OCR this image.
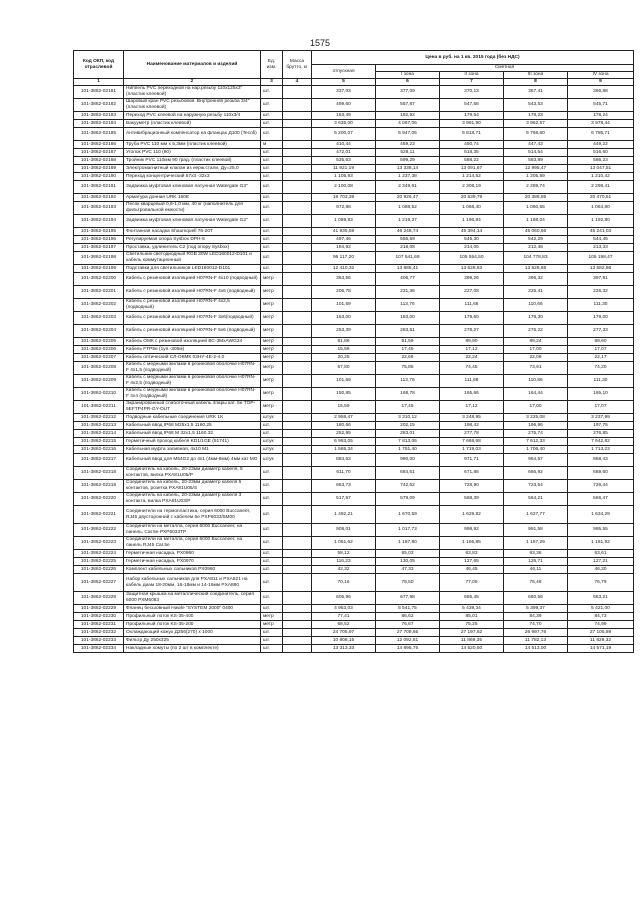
1575
Код ОКП, код отраслевой	Наименование материалов и изделий	Ед. изм.	Масса брутто, кг	Цена в руб. на 1 кв. 2015 года (без НДС)				
				отпускная	Сметная			
					I зона	II зона	III зона	IV зона
1	2	3	4	5	6	7	8	9
101-3862-02181	Ниппель PVC переходной на нар.резьбу 110x125x3" (пластик клеевой)	шт.		337,03	377,09	370,13	367,41	366,88
101-3862-02182	Шаровый кран PVC резьбовой. Внутренняя резьба 3/4" (пластик клеевой)	шт.		499,60	557,87	547,56	543,53	545,71
101-3862-02183	Переход PVC клеевой на наружную резьбу 110x3/4	шт.		163,49	182,92	179,54	178,23	178,24
101-3862-02184	Вакууметр (пластик клеевой)	шт.		3 635,00	4 067,06	3 991,90	3 962,57	3 978,44
101-3862-02185	Антивибрационный компенсатор на фланцах Д100 (Tecofi)	шт.		6 200,07	6 947,05	6 818,71	6 768,60	6 795,71
101-3862-02186	Труба PVC 110 мм х 5,3мм (пластик клеевой)	м		410,44	459,23	450,74	447,43	449,22
101-3862-02187	Уголок PVC 110 (90)	шт.		472,01	528,11	518,35	514,54	516,60
101-3862-02188	Тройник PVC 110мм 90 град. (пластик клеевой)	шт.		535,53	599,29	588,22	583,89	586,23
101-3862-02189	Электромагнитный клапан из нерж.стали, Ду=25,0	шт.		11 921,19	13 338,14	13 091,67	12 995,47	13 047,51
101-3862-02190	Переход концентрический 57x3 -32x3	шт.		1 105,93	1 237,38	1 214,52	1 205,59	1 210,42
101-3862-02191	Задвижка муфтовая клиновая латунная Watergate G3"	шт.		2 100,08	2 349,61	2 308,19	2 289,74	2 298,41
101-3862-02192	Арматура донная URK 160E	шт.		18 703,39	20 926,47	20 539,79	20 388,85	20 470,51
101-3862-02193	Песок кварцевый 0,6-1,0 мм, 40 кг (наполнитель для фильтровальной емкости)	шт.		972,88	1 088,52	1 068,40	1 060,55	1 064,80
101-3862-02194	Задвижка муфтовая клиновая латунная Watergate G2"	шт.		1 089,83	1 219,37	1 196,84	1 188,04	1 192,80
101-3862-02195	Фонтанная насадка Shaumquell 76-20T	шт.		41 935,59	46 248,74	45 394,14	45 060,56	45 241,03
101-3862-02196	Регулируемая опора Sysbox DPH-5	шт.		497,46	556,59	546,30	542,29	544,46
101-3862-02197	Проставка, удлинитель С2 (под опору Sysbox)	шт.		194,92	218,08	214,05	212,48	213,33
101-3862-02198	Светильник светодиодный RGB 30W LED160012-D101 и кабель коммутационный	шт.		96 117,20	107 541,69	105 554,50	104 778,83	105 198,47
101-3862-02199	Подставки для светильников LED160012-D101	шт.		12 410,32	13 885,41	13 628,83	13 528,68	13 582,86
101-3862-02200	Кабель с резиновой изоляцией H07RN-F 4x10 (подводный)	метр		363,56	406,77	399,26	396,32	397,91
101-3862-02201	Кабель с резиновой изоляцией H07RN-F 4x6 (подводный)	метр		206,78	231,36	227,08	225,41	226,32
101-3862-02202	Кабель с резиновой изоляцией H07RN-F 4x2,5 (подводный)	метр		101,59	113,76	111,66	110,66	111,30
101-3862-02203	Кабель с резиновой изоляцией H07RN-F 3x6(подводный)	метр		163,00	183,00	179,60	178,30	179,00
101-3862-02204	Кабель с резиновой изоляцией H07RN-F 5x6 (подводный)	метр		253,39	283,51	278,27	276,22	277,33
101-3862-02205	Кабель ОМК с резиновой изоляцией ВС-3MxAWG24	метр		81,86	91,59	89,90	89,24	89,60
101-3862-02206	Кабель FTP5e (1уп.-305м)	метр		15,58	17,45	17,12	17,00	17,07
101-3862-02207	Кабель оптический СЛ-ОКМК 03НУ-4Е-2-4.0	метр		20,25	22,66	22,24	22,08	22,17
101-3862-02208	Кабель с медными жилами в резиновой оболочке H07RN-F 4x1,5 (подводный)	метр		67,80	75,85	74,45	73,91	74,20
101-3862-02209	Кабель с медными жилами в резиновой оболочке H07RN-F 4x2,5 (подводный)	метр		101,69	113,76	111,68	110,86	111,30
101-3862-02210	Кабель с медными жилами в резиновой оболочке H07RN-F 4x4 (подводный)	метр		150,85	168,78	165,66	164,44	165,10
101-3862-02211	Экранированный слаботочный кабель 4пары кат. 5е TOP-5EFTP4PR-GY-OUT	метр		15,59	17,45	17,12	17,00	17,07
101-3862-02212	Подводные кабельные соединения URK 1K	штук		2 958,47	3 310,12	3 248,95	3 225,08	3 237,99
101-3862-02213	Кабельный ввод IP68 M25x1,5 1160.25	шт.		180,66	202,15	198,42	196,96	197,75
101-3862-02214	Кабельный ввод IP68 M 32x1,5 1160.32	шт.		252,95	283,01	277,78	275,74	276,85
101-3862-02215	Герметичный проход кабеля KD1/1GE (51741)	штук		6 983,05	7 813,06	7 668,68	7 612,33	7 642,82
101-3862-02216	Кабельная муфта заливная, 4x10 M1	штук		1 565,34	1 751,40	1 719,03	1 706,40	1 713,23
101-3862-02217	Кабельный ввод для M54G2 до 4x1 (4мм-6мм) 4мм кат МО	штук		884,63	990,00	971,71	964,57	968,43
101-3862-02218	Соединитель на кабель, 20-23мм диаметр кабеля, 5 контактов, вилка PXA81U05/P	шт.		611,70	684,51	671,86	666,92	669,60
101-3862-02219	Соединитель на кабель, 20-23мм диаметр кабеля 5 контактов, розетка PXA81U05/S	шт.		663,73	742,62	728,90	723,54	726,44
101-3862-02220	Соединитель на кабель, 20-23мм диаметр кабеля 3 контакта, вилка PXA81U03/P	шт.		517,57	579,09	568,39	564,21	566,47
101-3862-02221	Соединители на термопластика, серия 6000 Buccaneer, RJ45 двусторонний с кабелем 5е PXP6033/5M00	шт.		1 492,21	1 670,59	1 629,82	1 627,77	1 634,29
101-3862-02222	Соединители на металла, серия 6000 Buccaneer, на панель, Cat 5e PXP6033TP	шт.		908,01	1 017,73	998,92	991,58	995,55
101-3862-02223	Соединители на металла, серия 6000 Buccaneer, на панель RJ45 Cat.5e	шт.		1 061,62	1 187,80	1 165,85	1 157,29	1 161,92
101-3862-02224	Герметичная насадка, PX0960	шт.		58,12	65,03	63,83	63,36	63,61
101-3862-02225	Герметичная насадка, PX0970	шт.		116,23	130,05	127,65	126,71	127,21
101-3862-02226	Комплект кабельных сальников PX0960	шт.		42,32	47,33	46,45	46,11	46,30
101-3862-02227	Набор кабельных сальников для PXA811 и PXA821 на кабель диам 18-20мм, 16-18мм и 14-16мм PXA880	шт.		70,16	78,50	77,05	76,48	76,79
101-3862-02228	Защитная крышка на металлический соединитель, серия 6000 PXM6083	шт.		605,96	677,98	665,45	660,56	663,21
101-3862-02229	Фланец бесшовный Hawle "SYSTEM 2000" 0400	шт.		4 953,03	5 541,75	5 439,34	5 399,37	5 421,00
101-3862-02230	Профильный лоток KS-35-400	метр		77,41	86,62	85,01	84,39	84,73
101-3862-02231	Профильный лоток KS-35-200	метр		68,52	76,67	75,25	74,70	74,99
101-3862-02232	Охлаждающий кожух Д256(270) х 1000	шт.		24 705,97	27 709,65	27 197,62	26 997,76	27 105,89
101-3862-02233	Фильтр Ду 250x325	шт.		10 808,15	12 092,81	11 869,35	11 782,13	11 829,32
101-3862-02234	Накладные хомуты (по 2 шт в комплекте)	шт.		13 313,33	14 895,75	14 520,50	14 513,00	14 571,19
